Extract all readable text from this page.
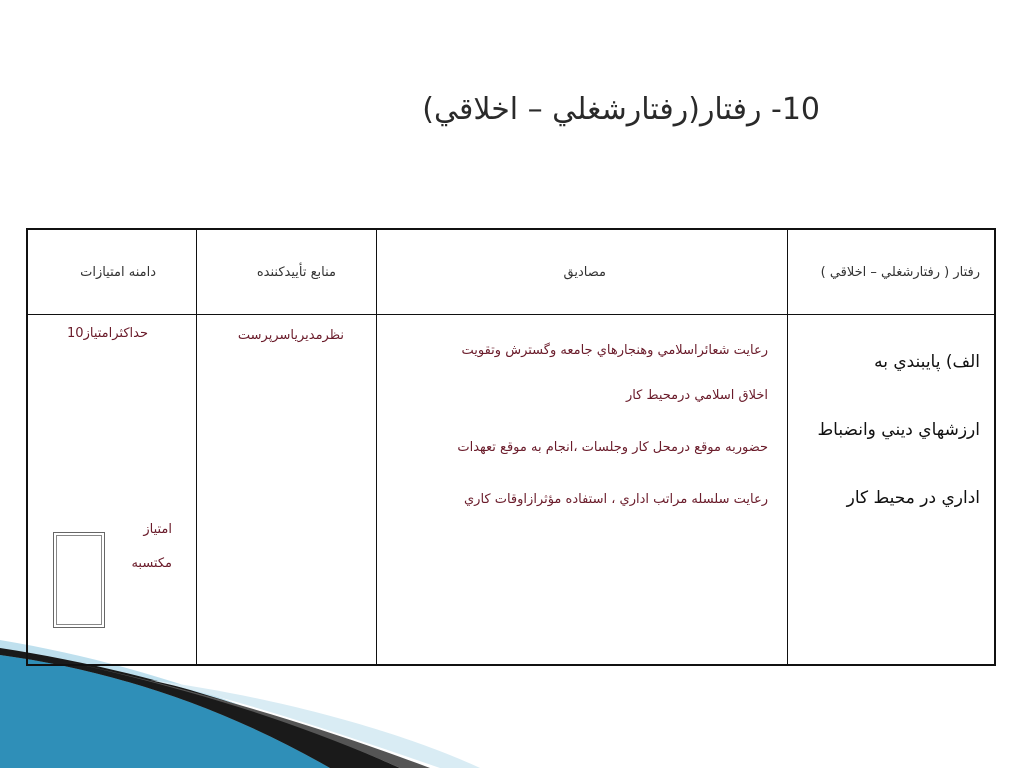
10- رفتار(رفتارشغلي – اخلاقي)
رفتار ( رفتارشغلي – اخلاقي )
مصاديق
منابع تأييدكننده
دامنه امتيازات
الف) پايبندي به
ارزشهاي ديني وانضباط
اداري در محيط كار
رعايت شعائراسلامي وهنجارهاي جامعه وگسترش وتقويت
اخلاق اسلامي درمحيط كار
حضوربه موقع درمحل كار وجلسات ،انجام به موقع تعهدات
رعايت سلسله مراتب اداري ، استفاده مؤثرازاوقات كاري
نظرمديرياسرپرست
حداكثرامتياز10
امتياز
مكتسبه
